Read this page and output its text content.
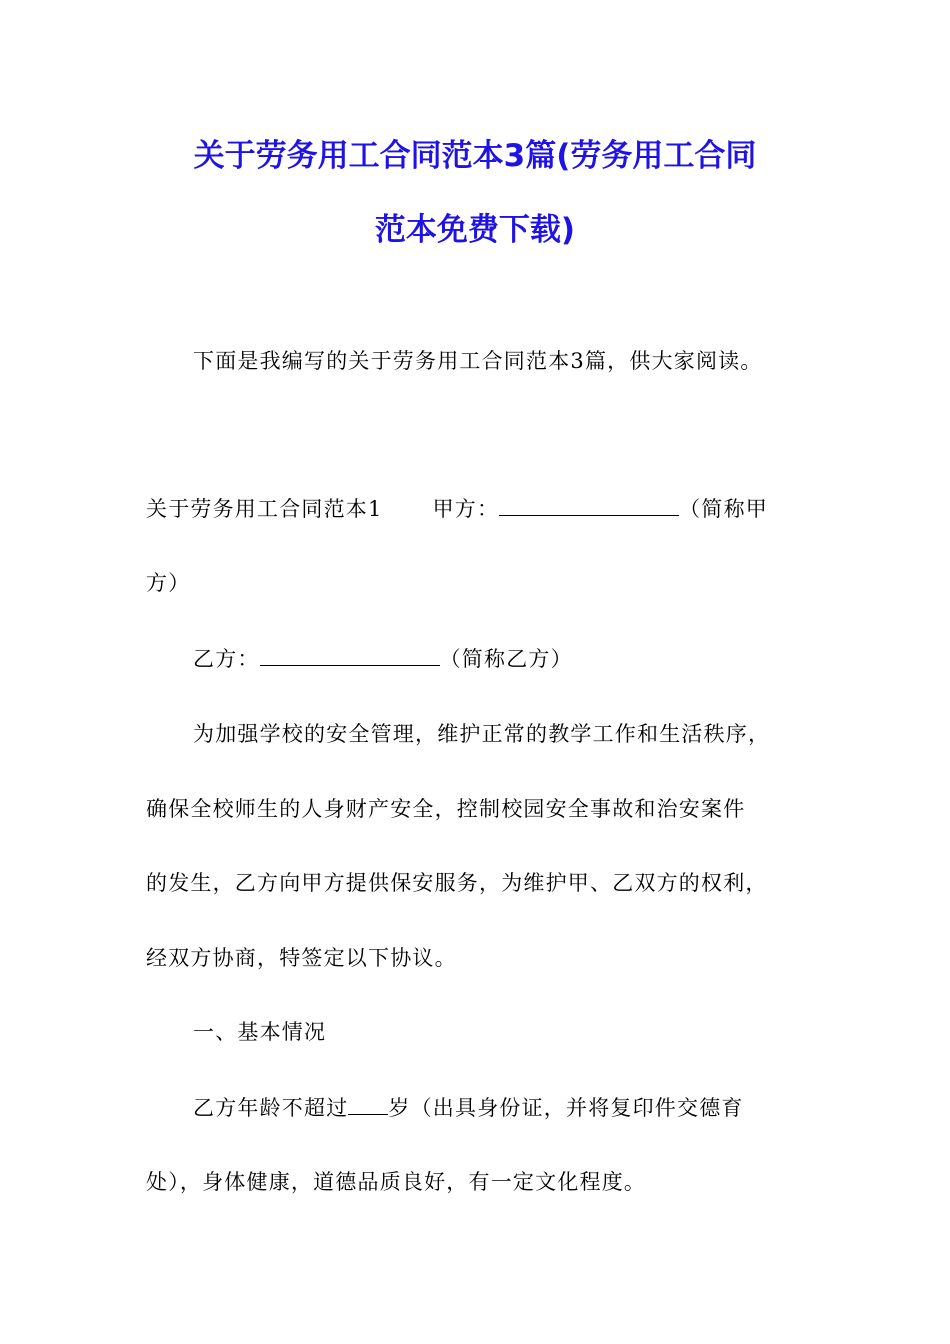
关于劳务用工合同范本3篇(劳务用工合同
范本免费下载)
下面是我编写的关于劳务用工合同范本3篇，供大家阅读。
关于劳务用工合同范本1 甲方：	（简称甲
方）
乙方：	（简称乙方）
为加强学校的安全管理，维护正常的教学工作和生活秩序，
确保全校师生的人身财产安全，控制校园安全事故和治安案件
的发生，乙方向甲方提供保安服务，为维护甲、乙双方的权利，
经双方协商，特签定以下协议。
一、基本情况
乙方年龄不超过 岁（出具身份证，并将复印件交德育
处），身体健康，道德品质良好，有一定文化程度。
